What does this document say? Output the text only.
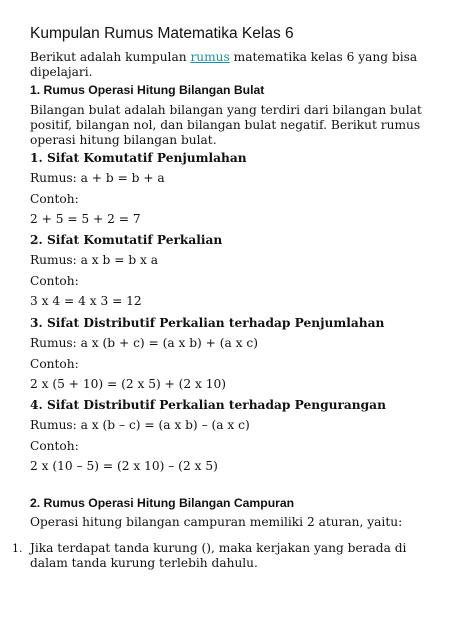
Kumpulan Rumus Matematika Kelas 6

Berikut adalah kumpulan rumus matematika kelas 6 yang bisa dipelajari.

1. Rumus Operasi Hitung Bilangan Bulat

Bilangan bulat adalah bilangan yang terdiri dari bilangan bulat positif, bilangan nol, dan bilangan bulat negatif. Berikut rumus operasi hitung bilangan bulat.

1. Sifat Komutatif Penjumlahan

Rumus: a + b = b + a

Contoh:

2 + 5 = 5 + 2 = 7

2. Sifat Komutatif Perkalian

Rumus: a x b = b x a

Contoh:

3 x 4 = 4 x 3 = 12

3. Sifat Distributif Perkalian terhadap Penjumlahan

Rumus: a x (b + c) = (a x b) + (a x c)

Contoh:

2 x (5 + 10) = (2 x 5) + (2 x 10)

4. Sifat Distributif Perkalian terhadap Pengurangan

Rumus: a x (b – c) = (a x b) – (a x c)

Contoh:

2 x (10 – 5) = (2 x 10) – (2 x 5)

2. Rumus Operasi Hitung Bilangan Campuran

Operasi hitung bilangan campuran memiliki 2 aturan, yaitu:

1. Jika terdapat tanda kurung (), maka kerjakan yang berada di dalam tanda kurung terlebih dahulu.
